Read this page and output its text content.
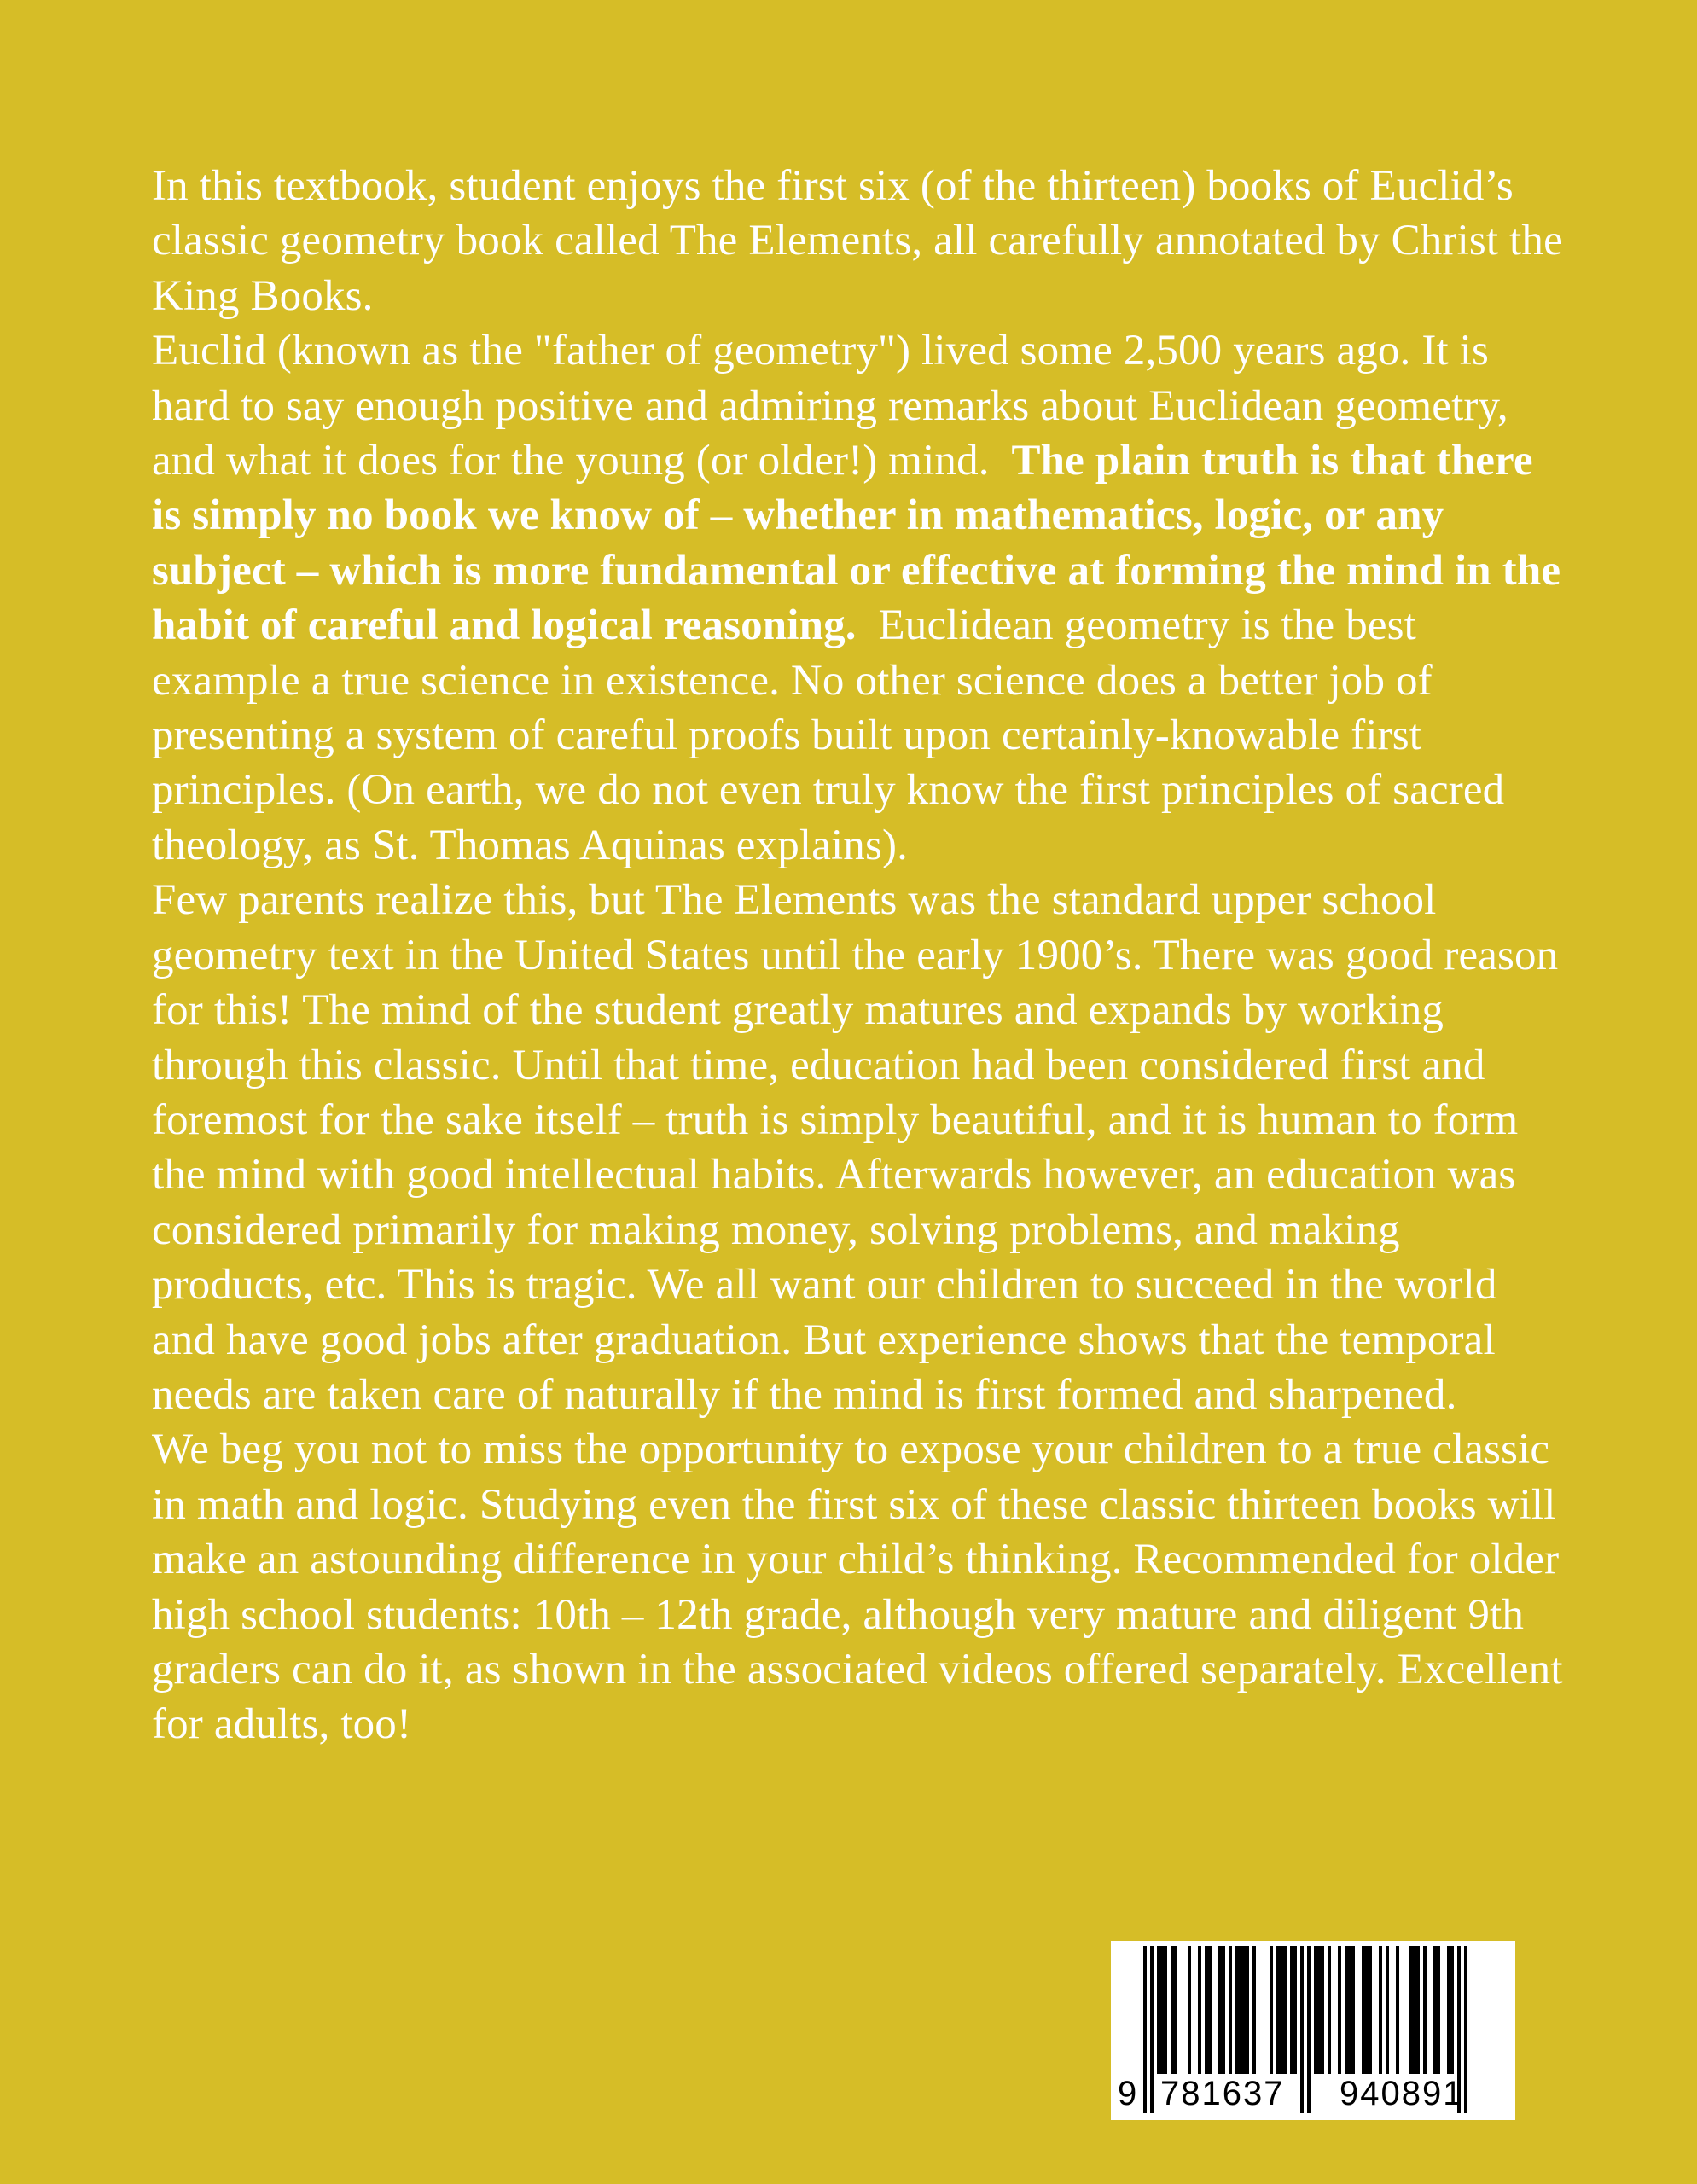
In this textbook, student enjoys the first six (of the thirteen) books of Euclid’s classic geometry book called The Elements, all carefully annotated by Christ the King Books.

Euclid (known as the "father of geometry") lived some 2,500 years ago. It is hard to say enough positive and admiring remarks about Euclidean geometry, and what it does for the young (or older!) mind. The plain truth is that there is simply no book we know of – whether in mathematics, logic, or any subject – which is more fundamental or effective at forming the mind in the habit of careful and logical reasoning. Euclidean geometry is the best example a true science in existence. No other science does a better job of presenting a system of careful proofs built upon certainly-knowable first principles. (On earth, we do not even truly know the first principles of sacred theology, as St. Thomas Aquinas explains).

Few parents realize this, but The Elements was the standard upper school geometry text in the United States until the early 1900’s. There was good reason for this! The mind of the student greatly matures and expands by working through this classic. Until that time, education had been considered first and foremost for the sake itself – truth is simply beautiful, and it is human to form the mind with good intellectual habits. Afterwards however, an education was considered primarily for making money, solving problems, and making products, etc. This is tragic. We all want our children to succeed in the world and have good jobs after graduation. But experience shows that the temporal needs are taken care of naturally if the mind is first formed and sharpened.

We beg you not to miss the opportunity to expose your children to a true classic in math and logic. Studying even the first six of these classic thirteen books will make an astounding difference in your child’s thinking. Recommended for older high school students: 10th – 12th grade, although very mature and diligent 9th graders can do it, as shown in the associated videos offered separately. Excellent for adults, too!

9 781637 940891
